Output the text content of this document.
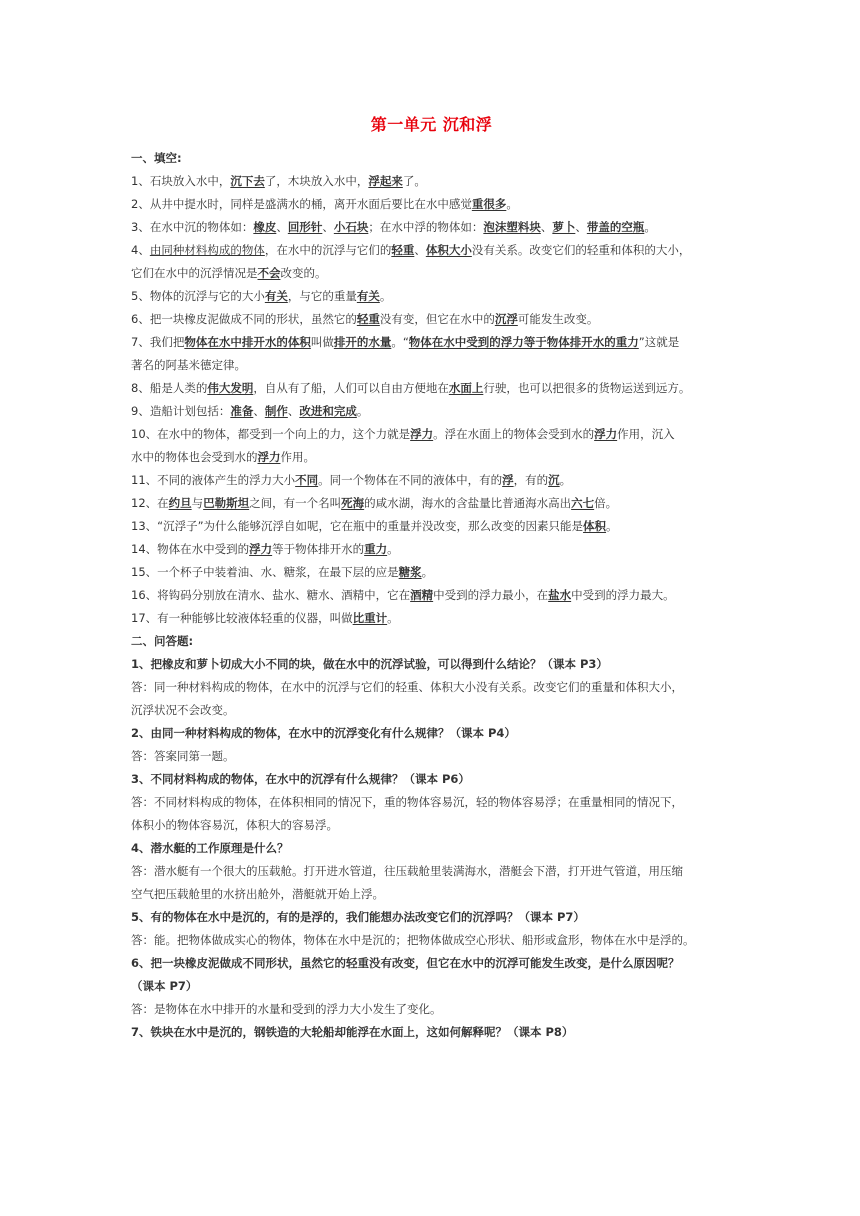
第一单元 沉和浮
一、填空:
1、石块放入水中，沉下去了，木块放入水中，浮起来了。
2、从井中提水时，同样是盛满水的桶，离开水面后要比在水中感觉重很多。
3、在水中沉的物体如：橡皮、回形针、小石块；在水中浮的物体如：泡沫塑料块、萝卜、带盖的空瓶。
4、由同种材料构成的物体，在水中的沉浮与它们的轻重、体积大小没有关系。改变它们的轻重和体积的大小，
它们在水中的沉浮情况是不会改变的。
5、物体的沉浮与它的大小有关，与它的重量有关。
6、把一块橡皮泥做成不同的形状，虽然它的轻重没有变，但它在水中的沉浮可能发生改变。
7、我们把物体在水中排开水的体积叫做排开的水量。“物体在水中受到的浮力等于物体排开水的重力”这就是
著名的阿基米德定律。
8、船是人类的伟大发明，自从有了船，人们可以自由方便地在水面上行驶，也可以把很多的货物运送到远方。
9、造船计划包括：准备、制作、改进和完成。
10、在水中的物体，都受到一个向上的力，这个力就是浮力。浮在水面上的物体会受到水的浮力作用，沉入
水中的物体也会受到水的浮力作用。
11、不同的液体产生的浮力大小不同。同一个物体在不同的液体中，有的浮，有的沉。
12、在约旦与巴勒斯坦之间，有一个名叫死海的咸水湖，海水的含盐量比普通海水高出六七倍。
13、“沉浮子”为什么能够沉浮自如呢，它在瓶中的重量并没改变，那么改变的因素只能是体积。
14、物体在水中受到的浮力等于物体排开水的重力。
15、一个杯子中装着油、水、糖浆，在最下层的应是糖浆。
16、将钩码分别放在清水、盐水、糖水、酒精中，它在酒精中受到的浮力最小，在盐水中受到的浮力最大。
17、有一种能够比较液体轻重的仪器，叫做比重计。
二、问答题:
1、把橡皮和萝卜切成大小不同的块，做在水中的沉浮试验，可以得到什么结论？（课本 P3）
答：同一种材料构成的物体，在水中的沉浮与它们的轻重、体积大小没有关系。改变它们的重量和体积大小，
沉浮状况不会改变。
2、由同一种材料构成的物体，在水中的沉浮变化有什么规律？（课本 P4）
答：答案同第一题。
3、不同材料构成的物体，在水中的沉浮有什么规律？（课本 P6）
答：不同材料构成的物体，在体积相同的情况下，重的物体容易沉，轻的物体容易浮；在重量相同的情况下，
体积小的物体容易沉，体积大的容易浮。
4、潜水艇的工作原理是什么？
答：潜水艇有一个很大的压载舱。打开进水管道，往压载舱里装满海水，潜艇会下潜，打开进气管道，用压缩
空气把压载舱里的水挤出舱外，潜艇就开始上浮。
5、有的物体在水中是沉的，有的是浮的，我们能想办法改变它们的沉浮吗？（课本 P7）
答：能。把物体做成实心的物体，物体在水中是沉的；把物体做成空心形状、船形或盒形，物体在水中是浮的。
6、把一块橡皮泥做成不同形状，虽然它的轻重没有改变，但它在水中的沉浮可能发生改变，是什么原因呢？
（课本 P7）
答：是物体在水中排开的水量和受到的浮力大小发生了变化。
7、铁块在水中是沉的，钢铁造的大轮船却能浮在水面上，这如何解释呢？（课本 P8）
